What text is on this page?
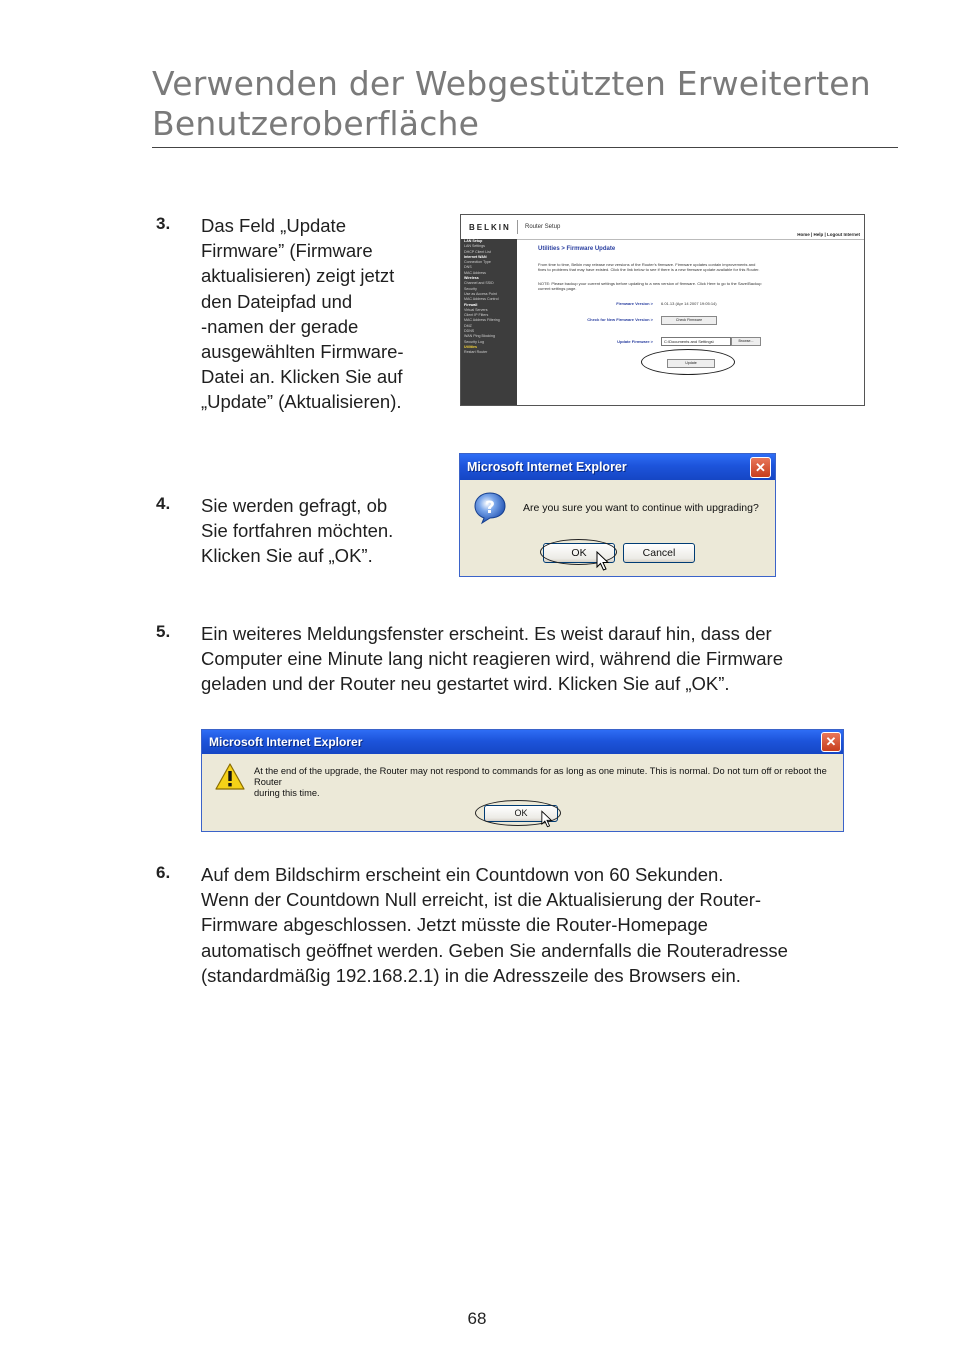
Verwenden der Webgestützten Erweiterten
Benutzeroberfläche
3. Das Feld „Update
Firmware” (Firmware
aktualisieren) zeigt jetzt
den Dateipfad und
-namen der gerade
ausgewählten Firmware-
Datei an. Klicken Sie auf
„Update” (Aktualisieren).
BELKIN Router Setup
Home | Help | Logout Internet
LAN Setup
LAN Settings
DHCP Client List
Internet WAN
Connection Type
DNS
MAC Address
Wireless
Channel and SSID
Security
Use as Access Point
MAC Address Control
Firewall
Virtual Servers
Client IP Filters
MAC Address Filtering
DMZ
DDNS
WAN Ping Blocking
Security Log
Utilities
Restart Router
Utilities > Firmware Update
From time to time, Belkin may release new versions of the Router's firmware. Firmware updates contain improvements and
fixes to problems that may have existed. Click the link below to see if there is a new firmware update available for this Router.
NOTE: Please backup your current settings before updating to a new version of firmware. Click Here to go to the Save/Backup
current settings page.
Firmware Version > 6.01.13 (Apr 14 2007 19:05:14)
Check for New Firmware Version >	Check Firmware
Update Firmware >	C:\Documents and Settings\	Browse...
Update
4. Sie werden gefragt, ob
Sie fortfahren möchten.
Klicken Sie auf „OK”.
Microsoft Internet Explorer	✕
?	Are you sure you want to continue with upgrading?
OK	Cancel
5. Ein weiteres Meldungsfenster erscheint. Es weist darauf hin, dass der
Computer eine Minute lang nicht reagieren wird, während die Firmware
geladen und der Router neu gestartet wird. Klicken Sie auf „OK”.
Microsoft Internet Explorer	✕
At the end of the upgrade, the Router may not respond to commands for as long as one minute. This is normal. Do not turn off or reboot the Router
during this time.
OK
6. Auf dem Bildschirm erscheint ein Countdown von 60 Sekunden.
Wenn der Countdown Null erreicht, ist die Aktualisierung der Router-
Firmware abgeschlossen. Jetzt müsste die Router-Homepage
automatisch geöffnet werden. Geben Sie andernfalls die Routeradresse
(standardmäßig 192.168.2.1) in die Adresszeile des Browsers ein.
68
